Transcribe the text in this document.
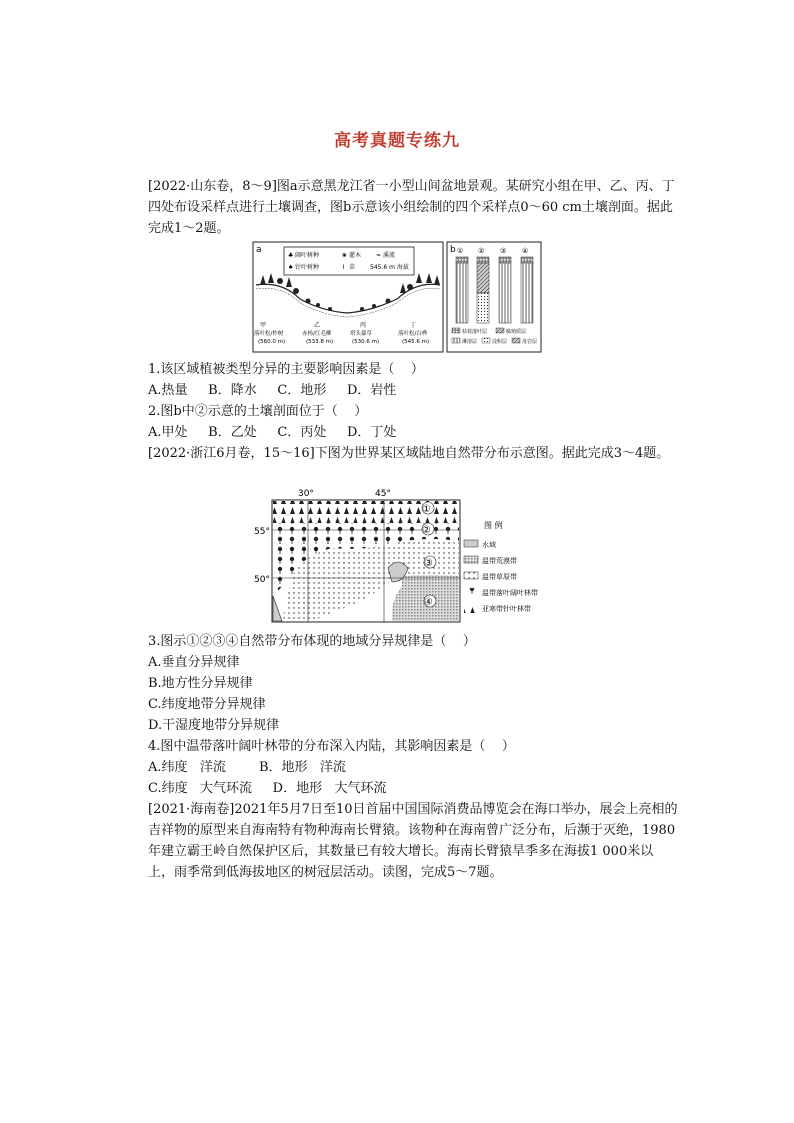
高考真题专练九

[2022·山东卷，8～9]图a示意黑龙江省一小型山间盆地景观。某研究小组在甲、乙、丙、丁四处布设采样点进行土壤调查，图b示意该小组绘制的四个采样点0～60 cm土壤剖面。据此完成1～2题。

a
♣ 阔叶树种	❀ 灌木 ≈ 溪流
♠ 针叶树种	⌇ 草 545.6 m 海拔
甲
落叶松/柞树
(560.0 m)
乙
赤杨/红毛柳
(533.8 m)
丙
塔头薹草
(530.6 m)
丁
落叶松/白桦
(545.6 m)
b ① ② ③ ④
枯枝落叶层	腐殖质层
淋溶层	淀积层	母岩层
1.该区域植被类型分异的主要影响因素是（    ）
A.热量     B．降水     C．地形     D．岩性
2.图b中②示意的土壤剖面位于（    ）
A.甲处     B．乙处     C．丙处     D．丁处

[2022·浙江6月卷，15～16]下图为世界某区域陆地自然带分布示意图。据此完成3～4题。

30°	45°
55°
50°
①
②
③
④
图 例
水域
温带荒漠带
温带草原带
温带落叶阔叶林带
亚寒带针叶林带
3.图示①②③④自然带分布体现的地域分异规律是（    ）
A.垂直分异规律
B.地方性分异规律
C.纬度地带分异规律
D.干湿度地带分异规律
4.图中温带落叶阔叶林带的分布深入内陆，其影响因素是（    ）
A.纬度   洋流        B．地形   洋流
C.纬度   大气环流     D．地形   大气环流

[2021·海南卷]2021年5月7日至10日首届中国国际消费品博览会在海口举办，展会上亮相的吉祥物的原型来自海南特有物种海南长臂猿。该物种在海南曾广泛分布，后濒于灭绝，1980年建立霸王岭自然保护区后，其数量已有较大增长。海南长臂猿旱季多在海拔1 000米以上，雨季常到低海拔地区的树冠层活动。读图，完成5～7题。
